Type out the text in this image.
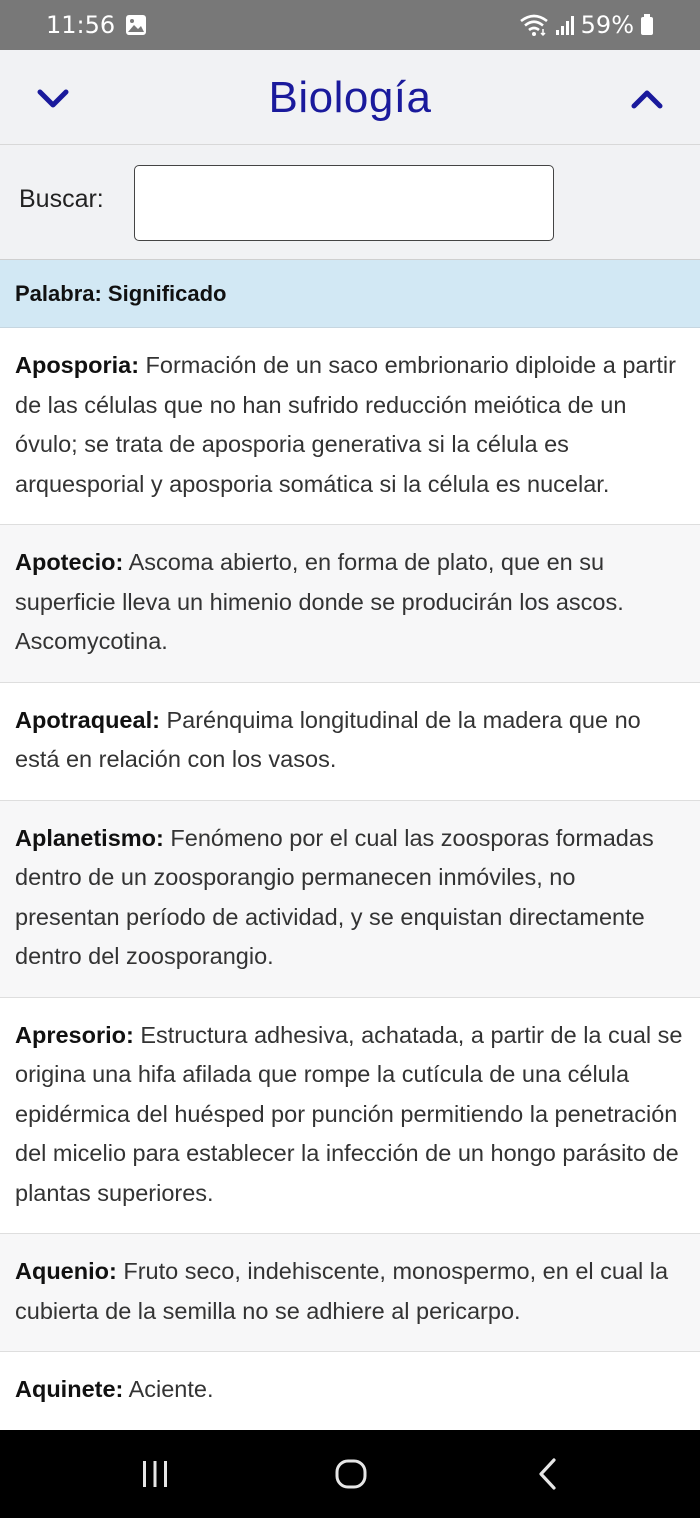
11:56	59%
Biología
Buscar:
Palabra: Significado
Aposporia: Formación de un saco embrionario diploide a partir de las células que no han sufrido reducción meiótica de un óvulo; se trata de aposporia generativa si la célula es arquesporial y aposporia somática si la célula es nucelar.
Apotecio: Ascoma abierto, en forma de plato, que en su superficie lleva un himenio donde se producirán los ascos. Ascomycotina.
Apotraqueal: Parénquima longitudinal de la madera que no está en relación con los vasos.
Aplanetismo: Fenómeno por el cual las zoosporas formadas dentro de un zoosporangio permanecen inmóviles, no presentan período de actividad, y se enquistan directamente dentro del zoosporangio.
Apresorio: Estructura adhesiva, achatada, a partir de la cual se origina una hifa afilada que rompe la cutícula de una célula epidérmica del huésped por punción permitiendo la penetración del micelio para establecer la infección de un hongo parásito de plantas superiores.
Aquenio: Fruto seco, indehiscente, monospermo, en el cual la cubierta de la semilla no se adhiere al pericarpo.
Aquinete: Aciente.
